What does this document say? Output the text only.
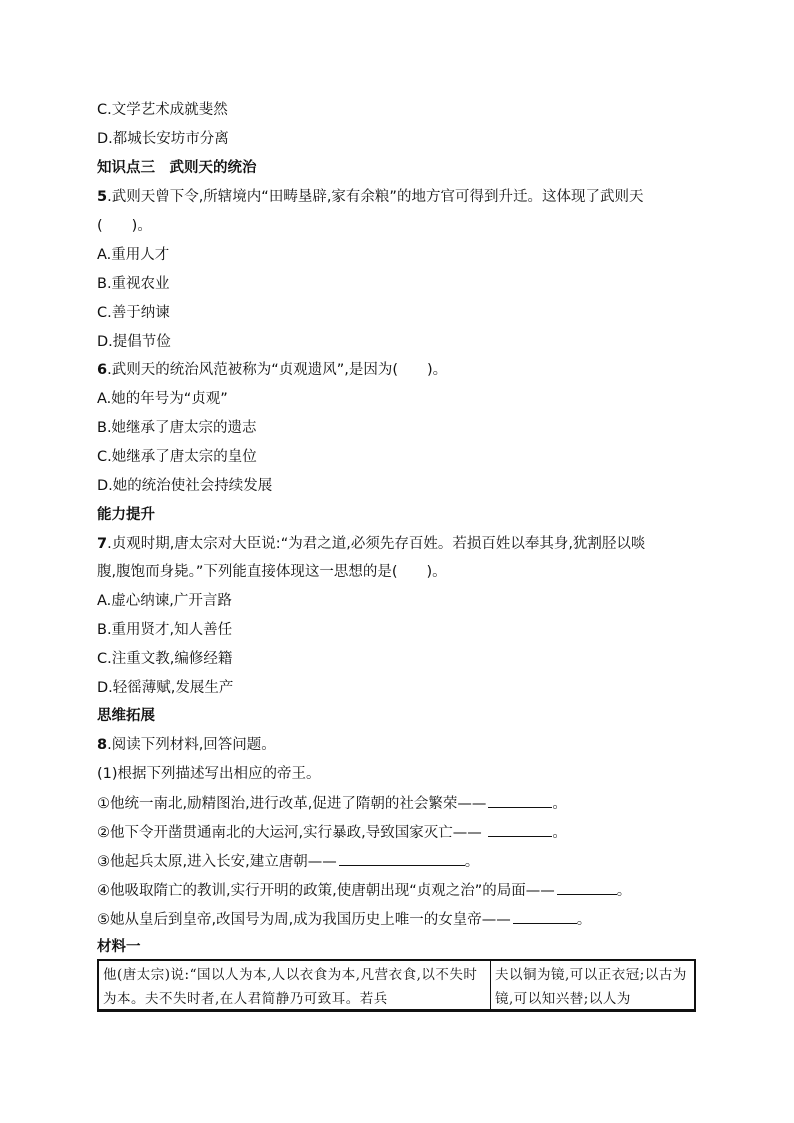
C.文学艺术成就斐然
D.都城长安坊市分离
知识点三　武则天的统治
5.武则天曾下令,所辖境内“田畴垦辟,家有余粮”的地方官可得到升迁。这体现了武则天
(　　)。
A.重用人才
B.重视农业
C.善于纳谏
D.提倡节俭
6.武则天的统治风范被称为“贞观遗风”,是因为(　　)。
A.她的年号为“贞观”
B.她继承了唐太宗的遗志
C.她继承了唐太宗的皇位
D.她的统治使社会持续发展
能力提升
7.贞观时期,唐太宗对大臣说:“为君之道,必须先存百姓。若损百姓以奉其身,犹割胫以啖
腹,腹饱而身毙。”下列能直接体现这一思想的是(　　)。
A.虚心纳谏,广开言路
B.重用贤才,知人善任
C.注重文教,编修经籍
D.轻徭薄赋,发展生产
思维拓展
8.阅读下列材料,回答问题。
(1)根据下列描述写出相应的帝王。
①他统一南北,励精图治,进行改革,促进了隋朝的社会繁荣——	。
②他下令开凿贯通南北的大运河,实行暴政,导致国家灭亡——	。
③他起兵太原,进入长安,建立唐朝——	。
④他吸取隋亡的教训,实行开明的政策,使唐朝出现“贞观之治”的局面——	。
⑤她从皇后到皇帝,改国号为周,成为我国历史上唯一的女皇帝——	。
材料一
他(唐太宗)说:“国以人为本,人以衣食为本,凡营衣食,以不失时为本。夫不失时者,在人君简静乃可致耳。若兵
夫以铜为镜,可以正衣冠;以古为镜,可以知兴替;以人为
